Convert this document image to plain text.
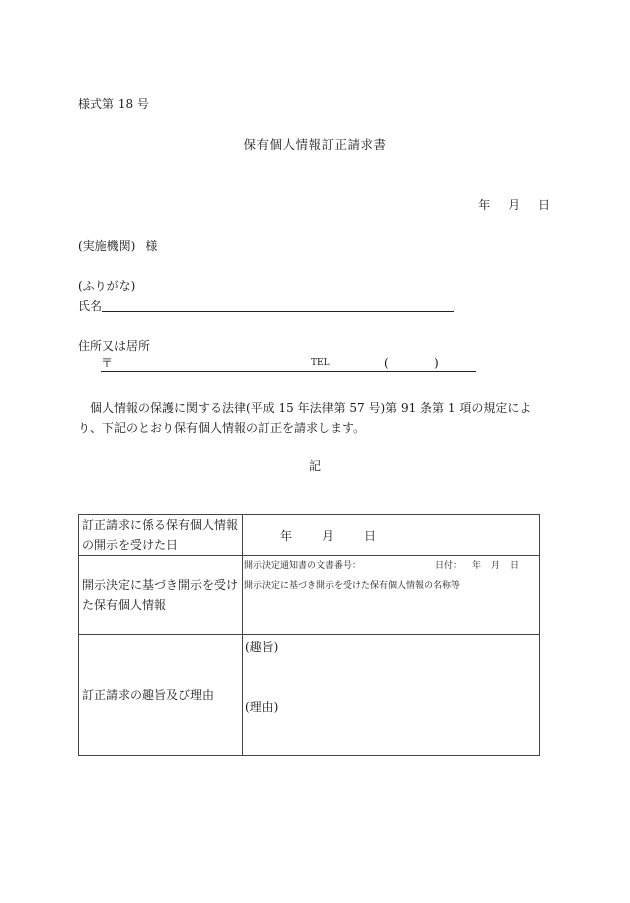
様式第 18 号
保有個人情報訂正請求書
年 月 日
(実施機関) 様
(ふりがな)
氏名
住所又は居所
〒	TEL	(	)
個人情報の保護に関する法律(平成 15 年法律第 57 号)第 91 条第 1 項の規定により、下記のとおり保有個人情報の訂正を請求します。
記
訂正請求に係る保有個人情報の開示を受けた日	年 月 日
開示決定に基づき開示を受けた保有個人情報	開示決定通知書の文書番号： 日付： 年 月 日
開示決定に基づき開示を受けた保有個人情報の名称等

訂正請求の趣旨及び理由	(趣旨)
(理由)
